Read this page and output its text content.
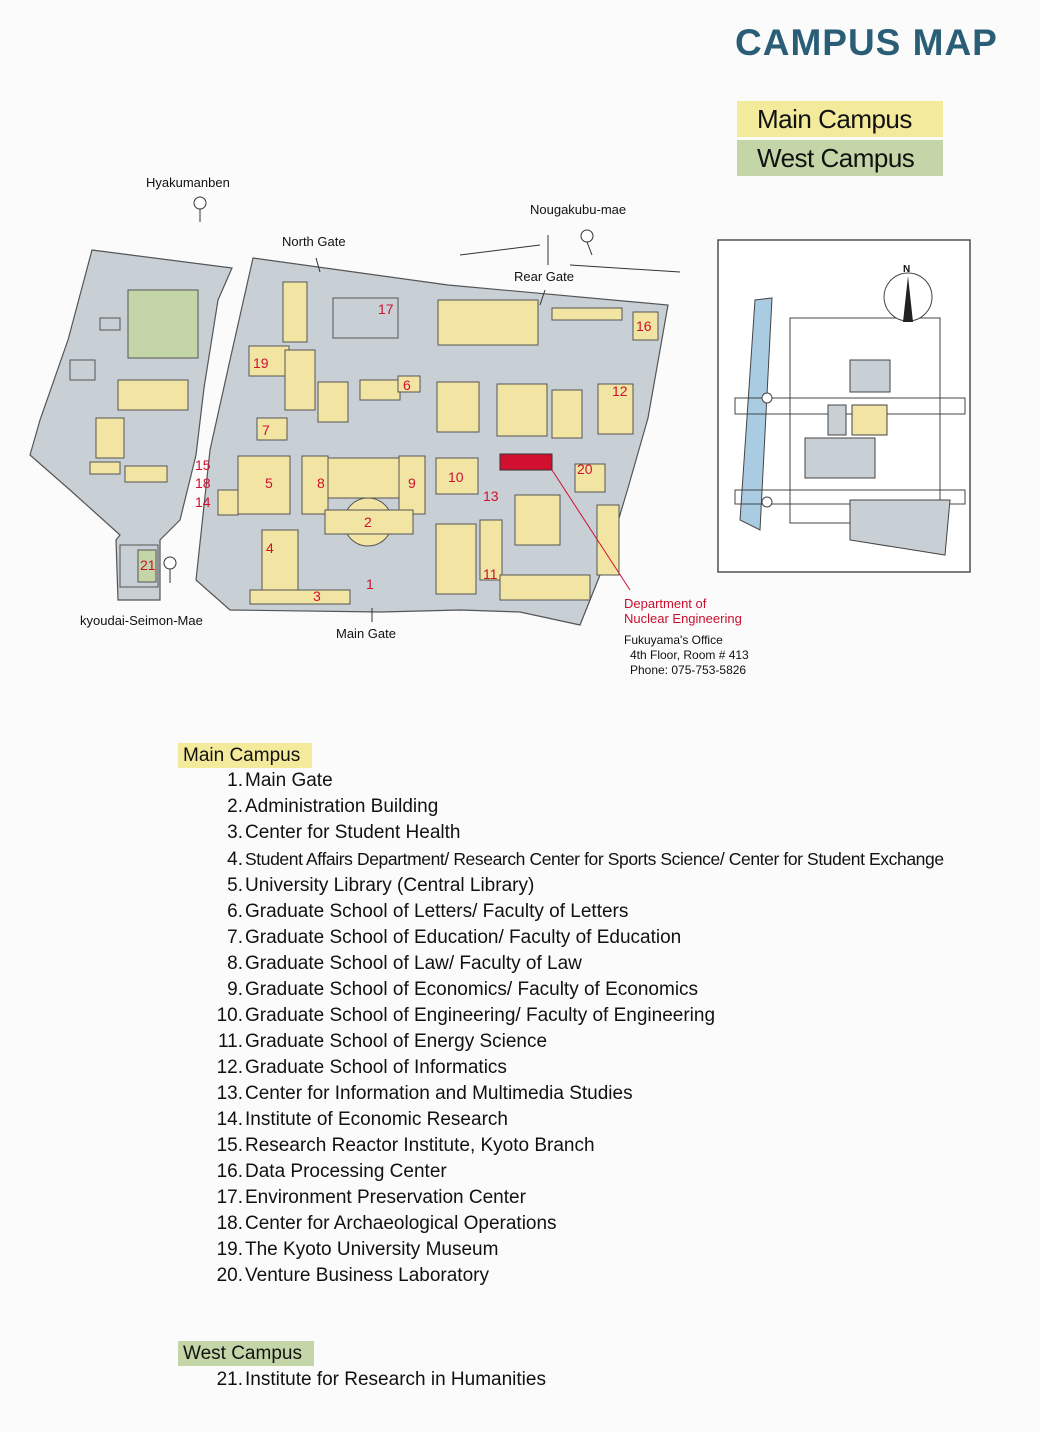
CAMPUS MAP
Main Campus
West Campus
Hyakumanben
North Gate
Nougakubu-mae
Rear Gate
kyoudai-Seimon-Mae
Main Gate
N
Department of
Nuclear Engineering
Fukuyama's Office
4th Floor, Room # 413
Phone: 075-753-5826
1
2
3
4
5
6
7
8	9 10
11
12
13
14
15
16
17
18
19
20
21
Main Campus
1. Main Gate
2. Administration Building
3. Center for Student Health
4. Student Affairs Department/ Research Center for Sports Science/ Center for Student Exchange
5. University Library (Central Library)
6. Graduate School of Letters/ Faculty of Letters
7. Graduate School of Education/ Faculty of Education
8. Graduate School of Law/ Faculty of Law
9. Graduate School of Economics/ Faculty of Economics
10. Graduate School of Engineering/ Faculty of Engineering
11. Graduate School of Energy Science
12. Graduate School of Informatics
13. Center for Information and Multimedia Studies
14. Institute of Economic Research
15. Research Reactor Institute, Kyoto Branch
16. Data Processing Center
17. Environment Preservation Center
18. Center for Archaeological Operations
19. The Kyoto University Museum
20. Venture Business Laboratory
West Campus
21. Institute for Research in Humanities
